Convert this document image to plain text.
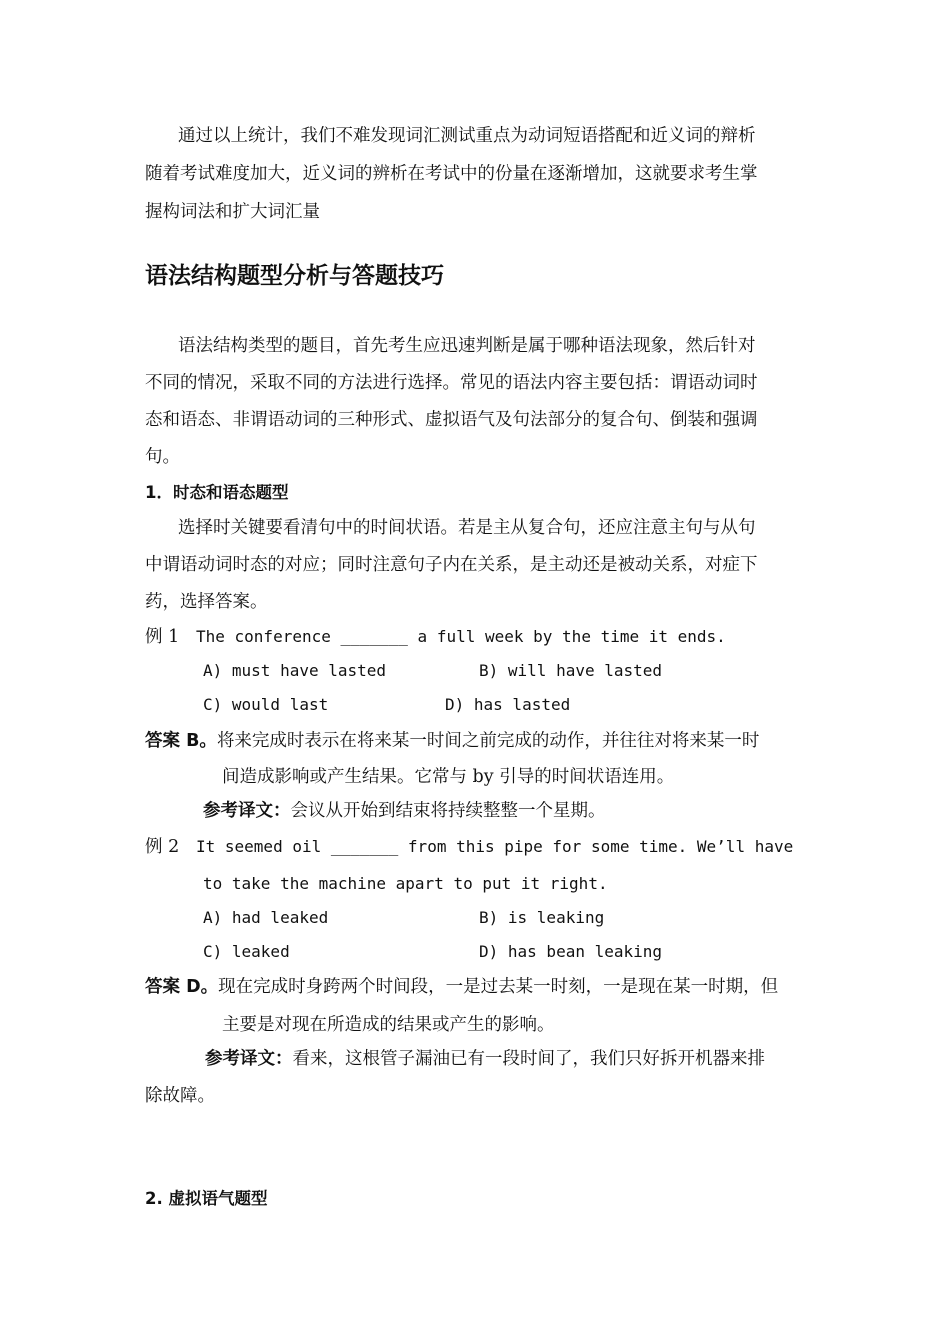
通过以上统计，我们不难发现词汇测试重点为动词短语搭配和近义词的辩析
随着考试难度加大，近义词的辨析在考试中的份量在逐渐增加，这就要求考生掌
握构词法和扩大词汇量
语法结构题型分析与答题技巧
语法结构类型的题目，首先考生应迅速判断是属于哪种语法现象，然后针对
不同的情况，采取不同的方法进行选择。常见的语法内容主要包括：谓语动词时
态和语态、非谓语动词的三种形式、虚拟语气及句法部分的复合句、倒装和强调
句。
1．时态和语态题型
选择时关键要看清句中的时间状语。若是主从复合句，还应注意主句与从句
中谓语动词时态的对应；同时注意句子内在关系，是主动还是被动关系，对症下
药，选择答案。
例 1 The conference _______ a full week by the time it ends.
A) must have lasted	B) will have lasted
C) would last	D) has lasted
答案 B。将来完成时表示在将来某一时间之前完成的动作，并往往对将来某一时
间造成影响或产生结果。它常与 by 引导的时间状语连用。
参考译文：会议从开始到结束将持续整整一个星期。
例 2 It seemed oil _______ from this pipe for some time. We’ll have
to take the machine apart to put it right.
A) had leaked	B) is leaking
C) leaked	D) has bean leaking
答案 D。现在完成时身跨两个时间段，一是过去某一时刻，一是现在某一时期，但
主要是对现在所造成的结果或产生的影响。
参考译文：看来，这根管子漏油已有一段时间了，我们只好拆开机器来排
除故障。
2. 虚拟语气题型
